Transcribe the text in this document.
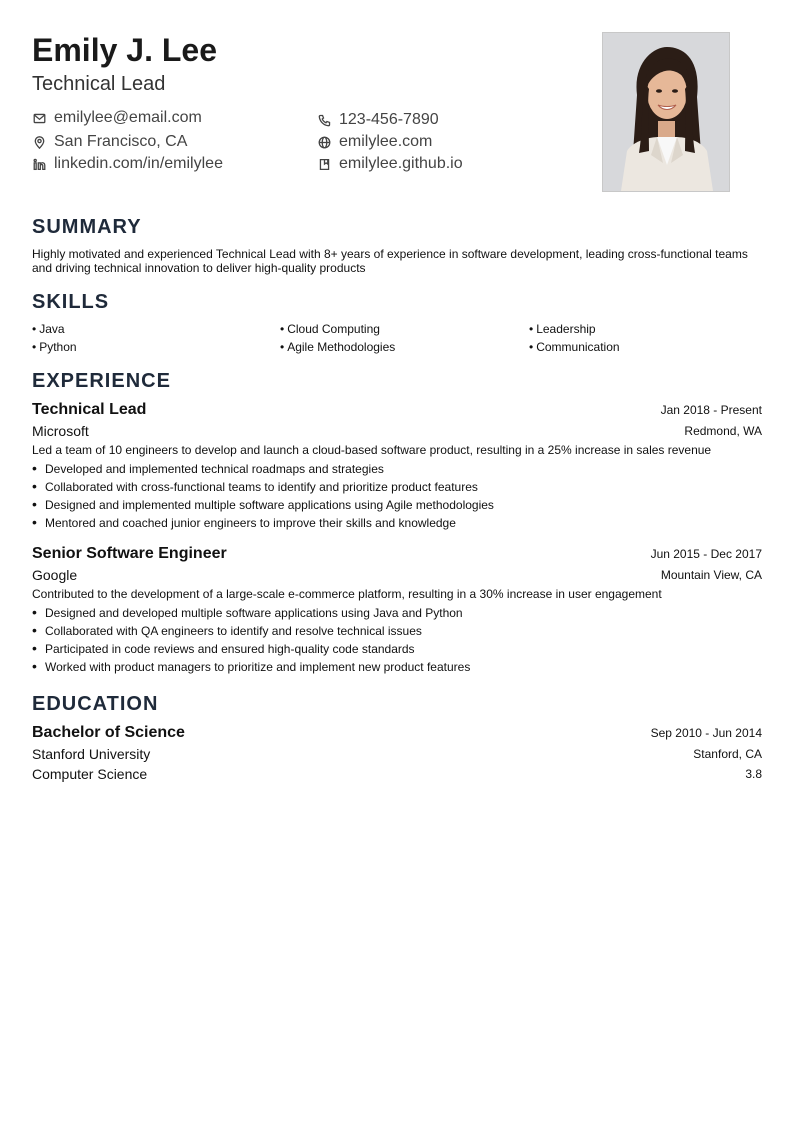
Emily J. Lee
Technical Lead
emilylee@email.com	123-456-7890
San Francisco, CA	emilylee.com
linkedin.com/in/emilylee	emilylee.github.io
SUMMARY
Highly motivated and experienced Technical Lead with 8+ years of experience in software development, leading cross-functional teams and driving technical innovation to deliver high-quality products
SKILLS
• Java	• Cloud Computing	• Leadership
• Python	• Agile Methodologies	• Communication
EXPERIENCE
Technical Lead	Jan 2018 - Present
Microsoft	Redmond, WA
Led a team of 10 engineers to develop and launch a cloud-based software product, resulting in a 25% increase in sales revenue
• Developed and implemented technical roadmaps and strategies
• Collaborated with cross-functional teams to identify and prioritize product features
• Designed and implemented multiple software applications using Agile methodologies
• Mentored and coached junior engineers to improve their skills and knowledge
Senior Software Engineer	Jun 2015 - Dec 2017
Google	Mountain View, CA
Contributed to the development of a large-scale e-commerce platform, resulting in a 30% increase in user engagement
• Designed and developed multiple software applications using Java and Python
• Collaborated with QA engineers to identify and resolve technical issues
• Participated in code reviews and ensured high-quality code standards
• Worked with product managers to prioritize and implement new product features
EDUCATION
Bachelor of Science	Sep 2010 - Jun 2014
Stanford University	Stanford, CA
Computer Science	3.8
